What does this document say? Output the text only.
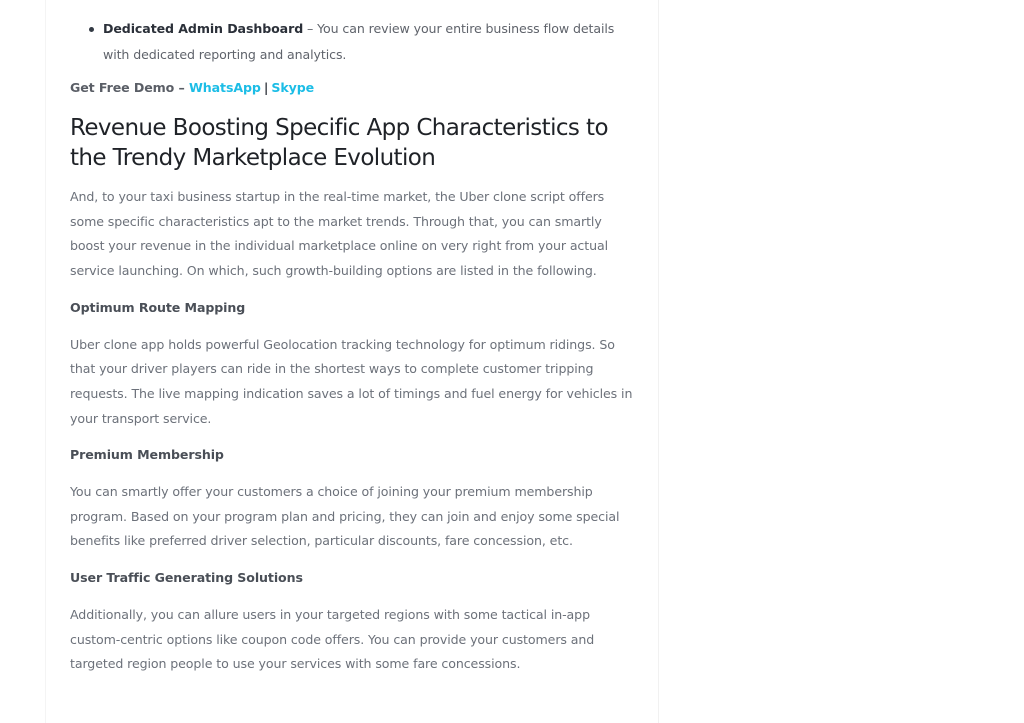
Dedicated Admin Dashboard – You can review your entire business flow details with dedicated reporting and analytics.
Get Free Demo – WhatsApp | Skype
Revenue Boosting Specific App Characteristics to the Trendy Marketplace Evolution

And, to your taxi business startup in the real-time market, the Uber clone script offers some specific characteristics apt to the market trends. Through that, you can smartly boost your revenue in the individual marketplace online on very right from your actual service launching. On which, such growth-building options are listed in the following.

Optimum Route Mapping

Uber clone app holds powerful Geolocation tracking technology for optimum ridings. So that your driver players can ride in the shortest ways to complete customer tripping requests. The live mapping indication saves a lot of timings and fuel energy for vehicles in your transport service.

Premium Membership

You can smartly offer your customers a choice of joining your premium membership program. Based on your program plan and pricing, they can join and enjoy some special benefits like preferred driver selection, particular discounts, fare concession, etc.

User Traffic Generating Solutions

Additionally, you can allure users in your targeted regions with some tactical in-app custom-centric options like coupon code offers. You can provide your customers and targeted region people to use your services with some fare concessions.
